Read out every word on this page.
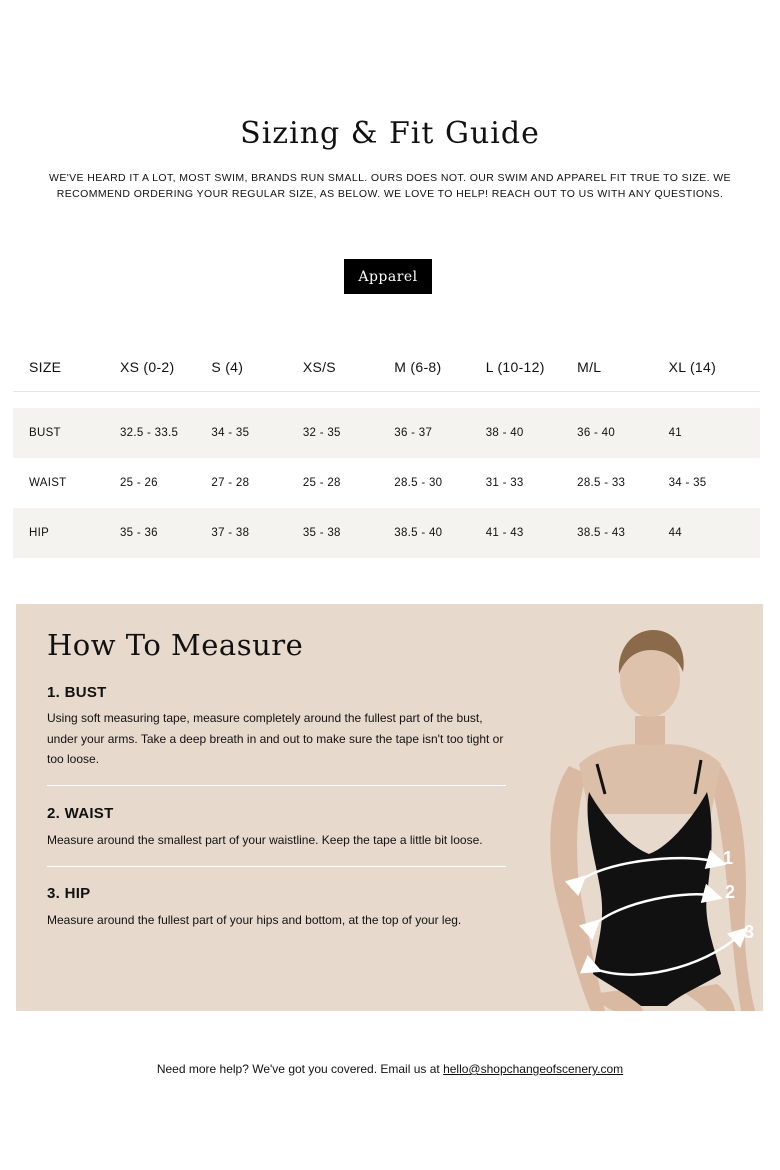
Sizing & Fit Guide

WE'VE HEARD IT A LOT, MOST SWIM, BRANDS RUN SMALL. OURS DOES NOT. OUR SWIM AND APPAREL FIT TRUE TO SIZE. WE RECOMMEND ORDERING YOUR REGULAR SIZE, AS BELOW. WE LOVE TO HELP! REACH OUT TO US WITH ANY QUESTIONS.

Apparel
SIZE	XS (0-2)	S (4)	XS/S	M (6-8)	L (10-12)	M/L	XL (14)
BUST	32.5 - 33.5	34 - 35	32 - 35	36 - 37	38 - 40	36 - 40	41
WAIST	25 - 26	27 - 28	25 - 28	28.5 - 30	31 - 33	28.5 - 33	34 - 35
HIP	35 - 36	37 - 38	35 - 38	38.5 - 40	41 - 43	38.5 - 43	44
How To Measure
1. BUST

Using soft measuring tape, measure completely around the fullest part of the bust, under your arms. Take a deep breath in and out to make sure the tape isn't too tight or too loose.

2. WAIST

Measure around the smallest part of your waistline. Keep the tape a little bit loose.

3. HIP

Measure around the fullest part of your hips and bottom, at the top of your leg.

1
2
3

Need more help? We've got you covered. Email us at hello@shopchangeofscenery.com
